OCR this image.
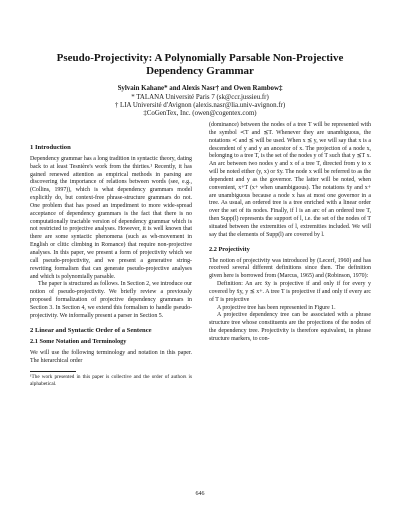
Pseudo-Projectivity: A Polynomially Parsable Non-Projective
Dependency Grammar
Sylvain Kahane* and Alexis Nasr† and Owen Rambow‡
* TALANA Université Paris 7 (sk@ccr.jussieu.fr)
† LIA Université d'Avignon (alexis.nasr@lia.univ-avignon.fr)
‡CoGenTex, Inc. (owen@cogentex.com)
1 Introduction

Dependency grammar has a long tradition in syntactic theory, dating back to at least Tesnière's work from the thirties.¹ Recently, it has gained renewed attention as empirical methods in parsing are discovering the importance of relations between words (see, e.g., (Collins, 1997)), which is what dependency grammars model explicitly do, but context-free phrase-structure grammars do not. One problem that has posed an impediment to more wide-spread acceptance of dependency grammars is the fact that there is no computationally tractable version of dependency grammar which is not restricted to projective analyses. However, it is well known that there are some syntactic phenomena (such as wh-movement in English or clitic climbing in Romance) that require non-projective analyses. In this paper, we present a form of projectivity which we call pseudo-projectivity, and we present a generative string-rewriting formalism that can generate pseudo-projective analyses and which is polynomially parsable.

The paper is structured as follows. In Section 2, we introduce our notion of pseudo-projectivity. We briefly review a previously proposed formalization of projective dependency grammars in Section 3. In Section 4, we extend this formalism to handle pseudo-projectivity. We informally present a parser in Section 5.

2 Linear and Syntactic Order of a Sentence
2.1 Some Notation and Terminology

We will use the following terminology and notation in this paper. The hierarchical order

¹The work presented in this paper is collective and the order of authors is alphabetical.

(dominance) between the nodes of a tree T will be represented with the symbol ≺T and ⪯T. Whenever they are unambiguous, the notations ≺ and ⪯ will be used. When x ⪯ y, we will say that x is a descendent of y and y an ancestor of x. The projection of a node x, belonging to a tree T, is the set of the nodes y of T such that y ⪯T x. An arc between two nodes y and x of a tree T, directed from y to x will be noted either (y, x) or x̄y. The node x will be referred to as the dependent and y as the governor. The latter will be noted, when convenient, x+T (x+ when unambiguous). The notations x̄y and x+ are unambiguous because a node x has at most one governor in a tree. As usual, an ordered tree is a tree enriched with a linear order over the set of its nodes. Finally, if l is an arc of an ordered tree T, then Supp(l) represents the support of l, i.e. the set of the nodes of T situated between the extremities of l, extremities included. We will say that the elements of Supp(l) are covered by l.

2.2 Projectivity

The notion of projectivity was introduced by (Lecerf, 1960) and has received several different definitions since then. The definition given here is borrowed from (Marcus, 1965) and (Robinson, 1970):

Definition: An arc x̄y is projective if and only if for every y covered by x̄y, y ⪯ x+. A tree T is projective if and only if every arc of T is projective

A projective tree has been represented in Figure 1.

A projective dependency tree can be associated with a phrase structure tree whose constituents are the projections of the nodes of the dependency tree. Projectivity is therefore equivalent, in phrase structure markers, to con-

646
